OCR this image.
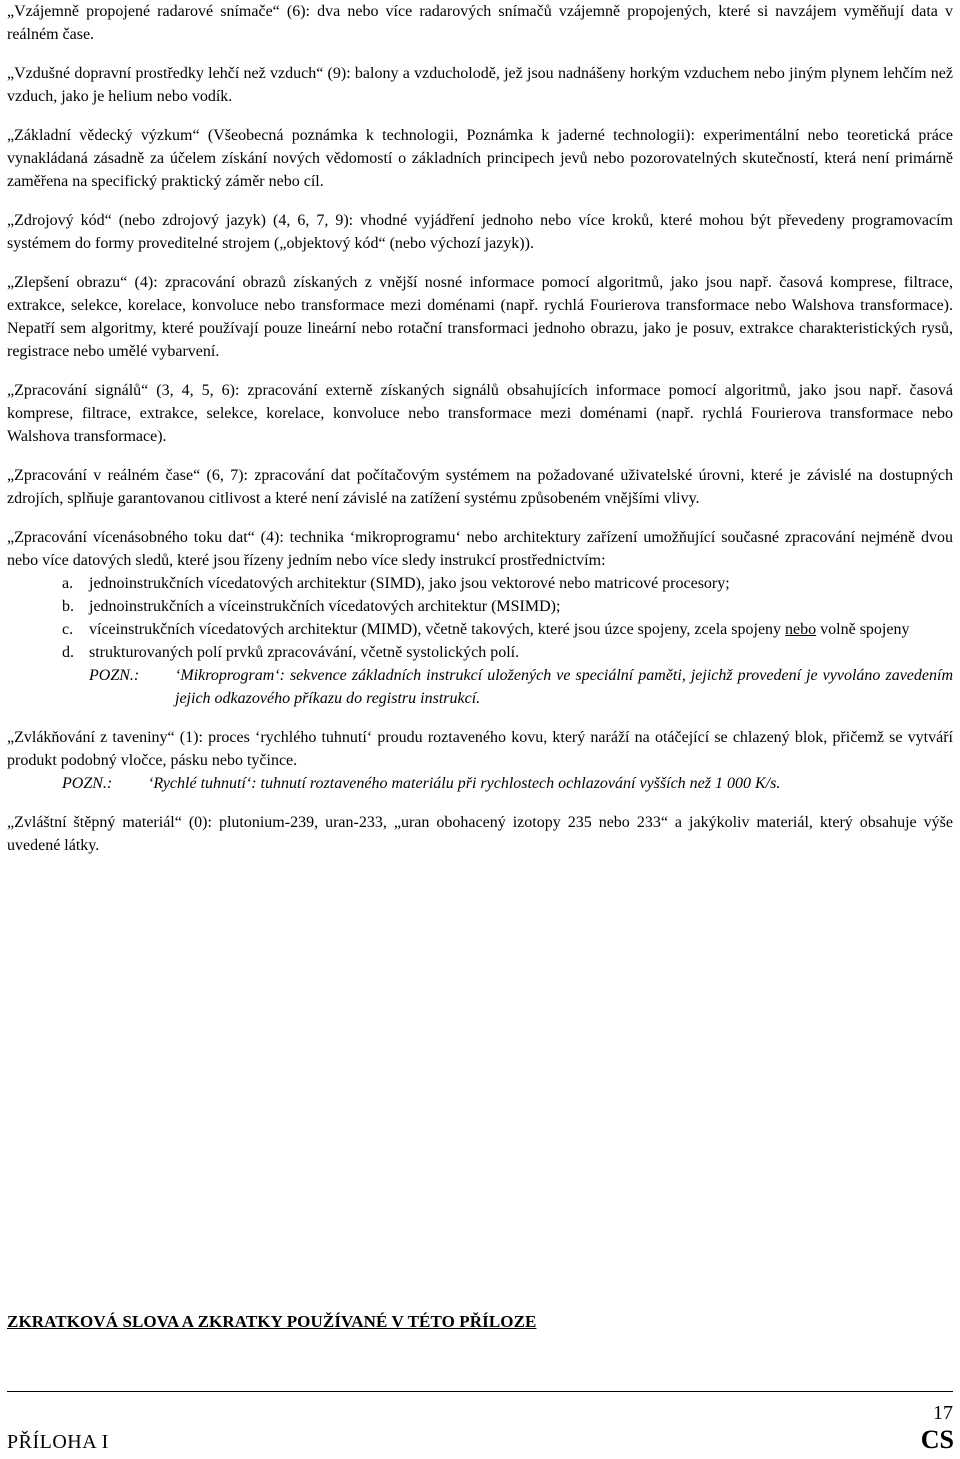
„Vzájemně propojené radarové snímače“ (6): dva nebo více radarových snímačů vzájemně propojených, které si navzájem vyměňují data v reálném čase.

„Vzdušné dopravní prostředky lehčí než vzduch“ (9): balony a vzducholodě, jež jsou nadnášeny horkým vzduchem nebo jiným plynem lehčím než vzduch, jako je helium nebo vodík.

„Základní vědecký výzkum“ (Všeobecná poznámka k technologii, Poznámka k jaderné technologii): experimentální nebo teoretická práce vynakládaná zásadně za účelem získání nových vědomostí o základních principech jevů nebo pozorovatelných skutečností, která není primárně zaměřena na specifický praktický záměr nebo cíl.

„Zdrojový kód“ (nebo zdrojový jazyk) (4, 6, 7, 9): vhodné vyjádření jednoho nebo více kroků, které mohou být převedeny programovacím systémem do formy proveditelné strojem („objektový kód“ (nebo výchozí jazyk)).

„Zlepšení obrazu“ (4): zpracování obrazů získaných z vnější nosné informace pomocí algoritmů, jako jsou např. časová komprese, filtrace, extrakce, selekce, korelace, konvoluce nebo transformace mezi doménami (např. rychlá Fourierova transformace nebo Walshova transformace). Nepatří sem algoritmy, které používají pouze lineární nebo rotační transformaci jednoho obrazu, jako je posuv, extrakce charakteristických rysů, registrace nebo umělé vybarvení.

„Zpracování signálů“ (3, 4, 5, 6): zpracování externě získaných signálů obsahujících informace pomocí algoritmů, jako jsou např. časová komprese, filtrace, extrakce, selekce, korelace, konvoluce nebo transformace mezi doménami (např. rychlá Fourierova transformace nebo Walshova transformace).

„Zpracování v reálném čase“ (6, 7): zpracování dat počítačovým systémem na požadované uživatelské úrovni, které je závislé na dostupných zdrojích, splňuje garantovanou citlivost a které není závislé na zatížení systému způsobeném vnějšími vlivy.

„Zpracování vícenásobného toku dat“ (4): technika ‘mikroprogramu‘ nebo architektury zařízení umožňující současné zpracování nejméně dvou nebo více datových sledů, které jsou řízeny jedním nebo více sledy instrukcí prostřednictvím:

a. jednoinstrukčních vícedatových architektur (SIMD), jako jsou vektorové nebo matricové procesory;
b. jednoinstrukčních a víceinstrukčních vícedatových architektur (MSIMD);
c. víceinstrukčních vícedatových architektur (MIMD), včetně takových, které jsou úzce spojeny, zcela spojeny nebo volně spojeny
d. strukturovaných polí prvků zpracovávání, včetně systolických polí.
POZN.:	‘Mikroprogram‘: sekvence základních instrukcí uložených ve speciální paměti, jejichž provedení je vyvoláno zavedením jejich odkazového příkazu do registru instrukcí.

„Zvlákňování z taveniny“ (1): proces ‘rychlého tuhnutí‘ proudu roztaveného kovu, který naráží na otáčející se chlazený blok, přičemž se vytváří produkt podobný vločce, pásku nebo tyčince.

POZN.:	‘Rychlé tuhnutí‘: tuhnutí roztaveného materiálu při rychlostech ochlazování vyšších než 1 000 K/s.

„Zvláštní štěpný materiál“ (0): plutonium-239, uran-233, „uran obohacený izotopy 235 nebo 233“ a jakýkoliv materiál, který obsahuje výše uvedené látky.

ZKRATKOVÁ SLOVA A ZKRATKY POUŽÍVANÉ V TÉTO PŘÍLOZE
PŘÍLOHA I
17
CS
